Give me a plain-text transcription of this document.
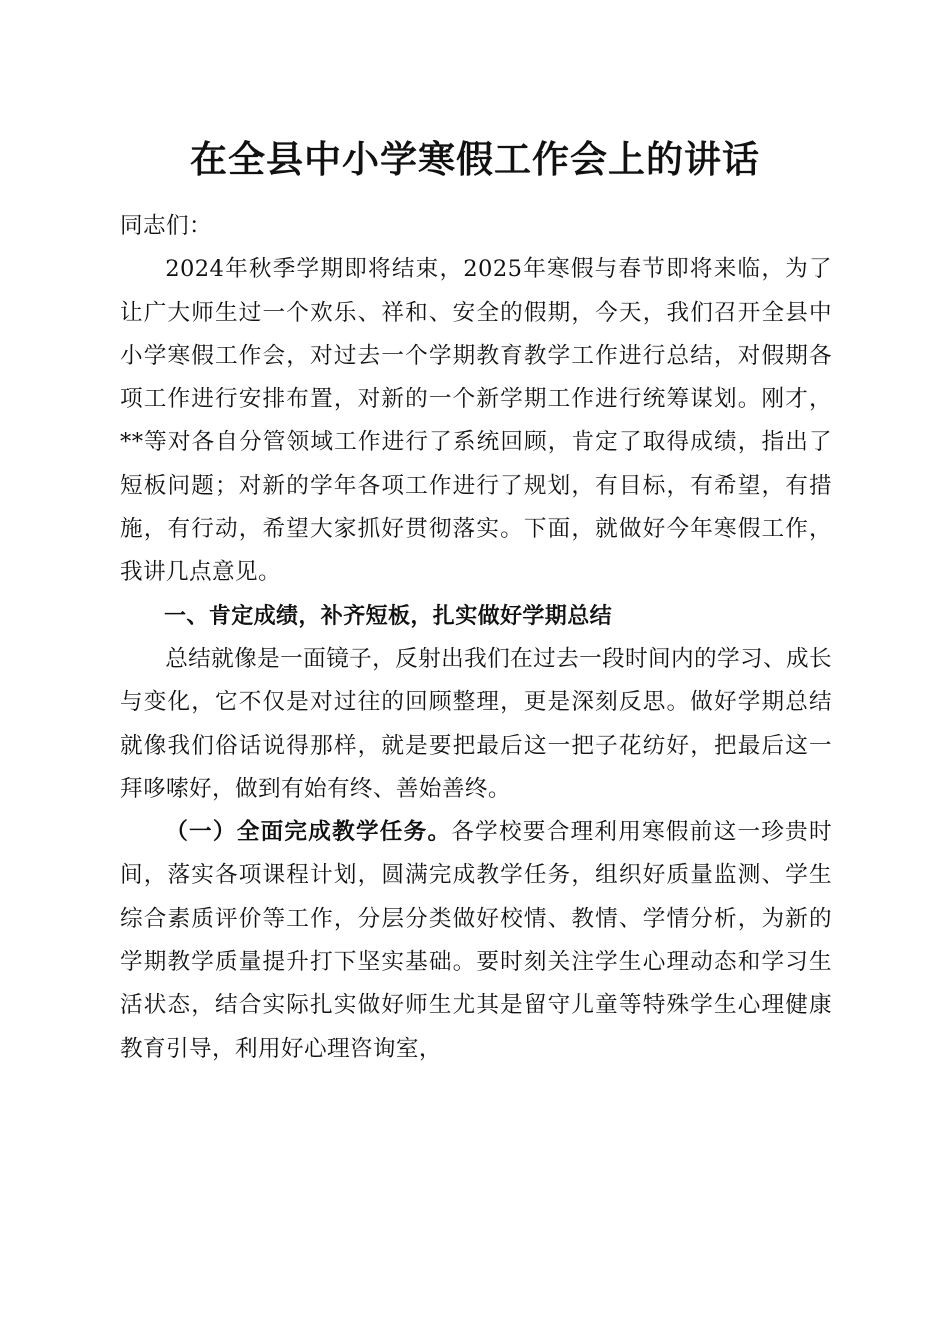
在全县中小学寒假工作会上的讲话

同志们：

2024年秋季学期即将结束，2025年寒假与春节即将来临，为了让广大师生过一个欢乐、祥和、安全的假期，今天，我们召开全县中小学寒假工作会，对过去一个学期教育教学工作进行总结，对假期各项工作进行安排布置，对新的一个新学期工作进行统筹谋划。刚才，**等对各自分管领域工作进行了系统回顾，肯定了取得成绩，指出了短板问题；对新的学年各项工作进行了规划，有目标，有希望，有措施，有行动，希望大家抓好贯彻落实。下面，就做好今年寒假工作，我讲几点意见。

一、肯定成绩，补齐短板，扎实做好学期总结

总结就像是一面镜子，反射出我们在过去一段时间内的学习、成长与变化，它不仅是对过往的回顾整理，更是深刻反思。做好学期总结就像我们俗话说得那样，就是要把最后这一把子花纺好，把最后这一拜哆嗦好，做到有始有终、善始善终。

（一）全面完成教学任务。各学校要合理利用寒假前这一珍贵时间，落实各项课程计划，圆满完成教学任务，组织好质量监测、学生综合素质评价等工作，分层分类做好校情、教情、学情分析，为新的学期教学质量提升打下坚实基础。要时刻关注学生心理动态和学习生活状态，结合实际扎实做好师生尤其是留守儿童等特殊学生心理健康教育引导，利用好心理咨询室，
